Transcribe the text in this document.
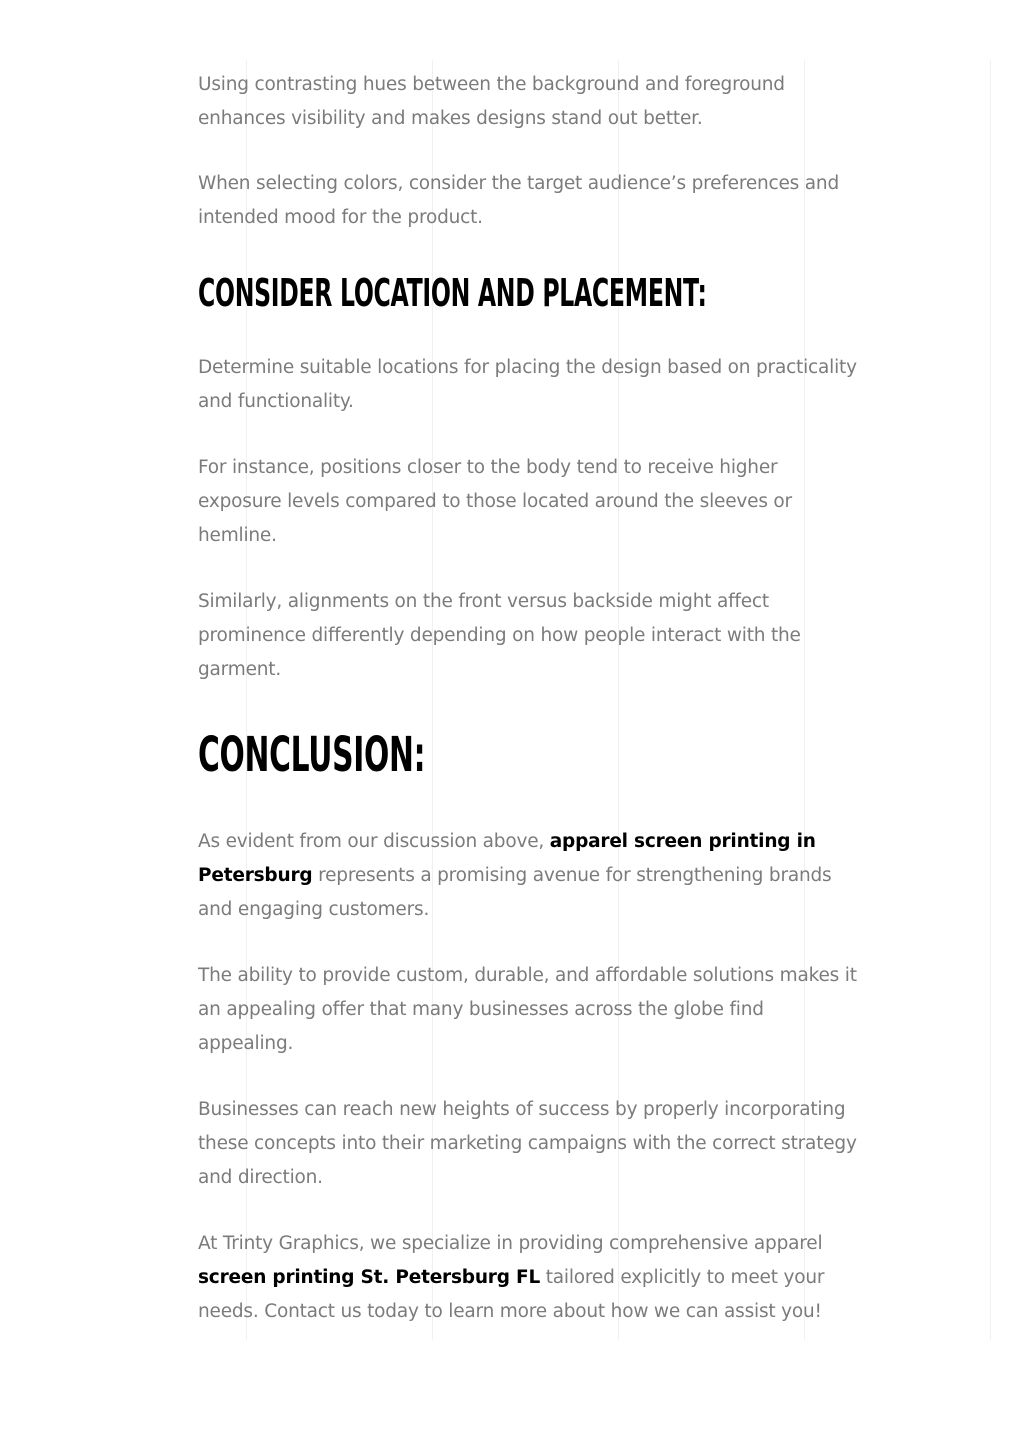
Using contrasting hues between the background and foreground enhances visibility and makes designs stand out better.

When selecting colors, consider the target audience’s preferences and intended mood for the product.

CONSIDER LOCATION AND PLACEMENT:

Determine suitable locations for placing the design based on practicality and functionality.

For instance, positions closer to the body tend to receive higher exposure levels compared to those located around the sleeves or hemline.

Similarly, alignments on the front versus backside might affect prominence differently depending on how people interact with the garment.

CONCLUSION:

As evident from our discussion above, apparel screen printing in Petersburg represents a promising avenue for strengthening brands and engaging customers.

The ability to provide custom, durable, and affordable solutions makes it an appealing offer that many businesses across the globe find appealing.

Businesses can reach new heights of success by properly incorporating these concepts into their marketing campaigns with the correct strategy and direction.

At Trinty Graphics, we specialize in providing comprehensive apparel screen printing St. Petersburg FL tailored explicitly to meet your needs. Contact us today to learn more about how we can assist you!
